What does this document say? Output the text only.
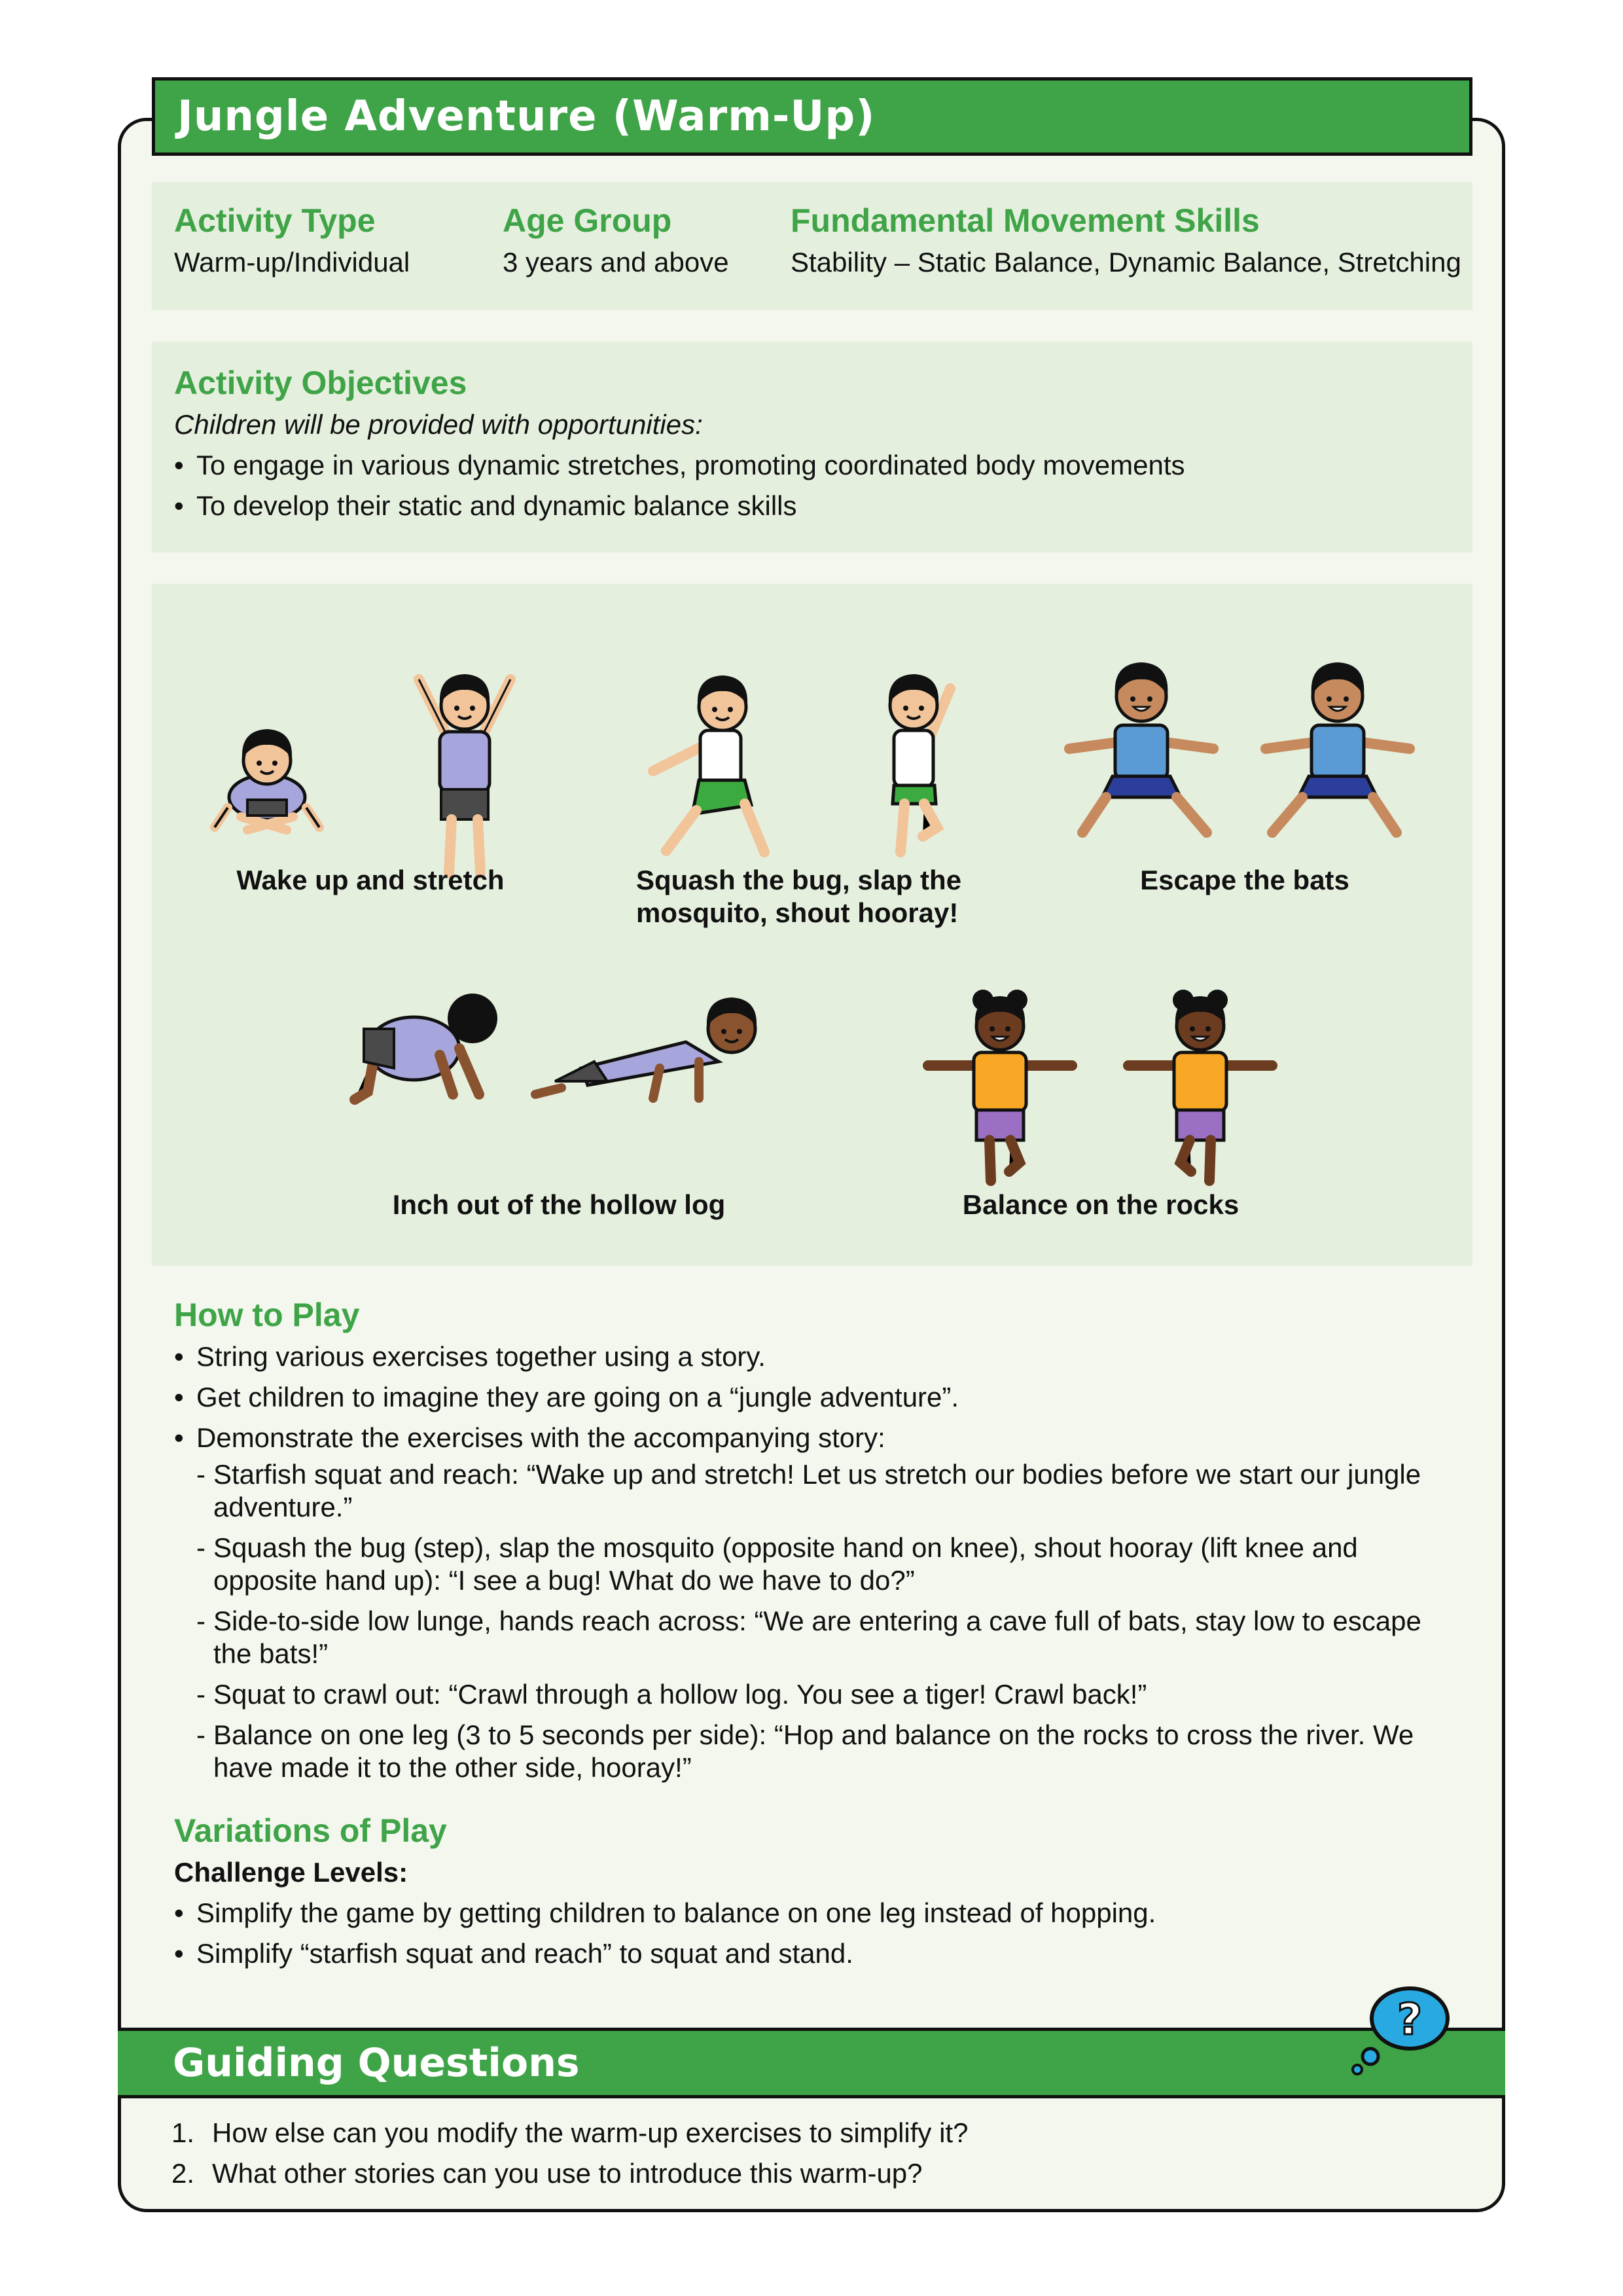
Jungle Adventure (Warm-Up)
Activity Type
Warm-up/Individual
Age Group
3 years and above
Fundamental Movement Skills
Stability – Static Balance, Dynamic Balance, Stretching
Activity Objectives
Children will be provided with opportunities:
• To engage in various dynamic stretches, promoting coordinated body movements
• To develop their static and dynamic balance skills
Wake up and stretch	Squash the bug, slap the mosquito, shout hooray!
Escape the bats
Inch out of the hollow log	Balance on the rocks
How to Play
• String various exercises together using a story.
• Get children to imagine they are going on a “jungle adventure”.
• Demonstrate the exercises with the accompanying story:
- Starfish squat and reach: “Wake up and stretch! Let us stretch our bodies before we start our jungle adventure.”
- Squash the bug (step), slap the mosquito (opposite hand on knee), shout hooray (lift knee and opposite hand up): “I see a bug! What do we have to do?”
- Side-to-side low lunge, hands reach across: “We are entering a cave full of bats, stay low to escape the bats!”
- Squat to crawl out: “Crawl through a hollow log. You see a tiger! Crawl back!”
- Balance on one leg (3 to 5 seconds per side): “Hop and balance on the rocks to cross the river. We have made it to the other side, hooray!”
Variations of Play
Challenge Levels:
• Simplify the game by getting children to balance on one leg instead of hopping.
• Simplify “starfish squat and reach” to squat and stand.
Guiding Questions
?
1. How else can you modify the warm-up exercises to simplify it?
2. What other stories can you use to introduce this warm-up?
